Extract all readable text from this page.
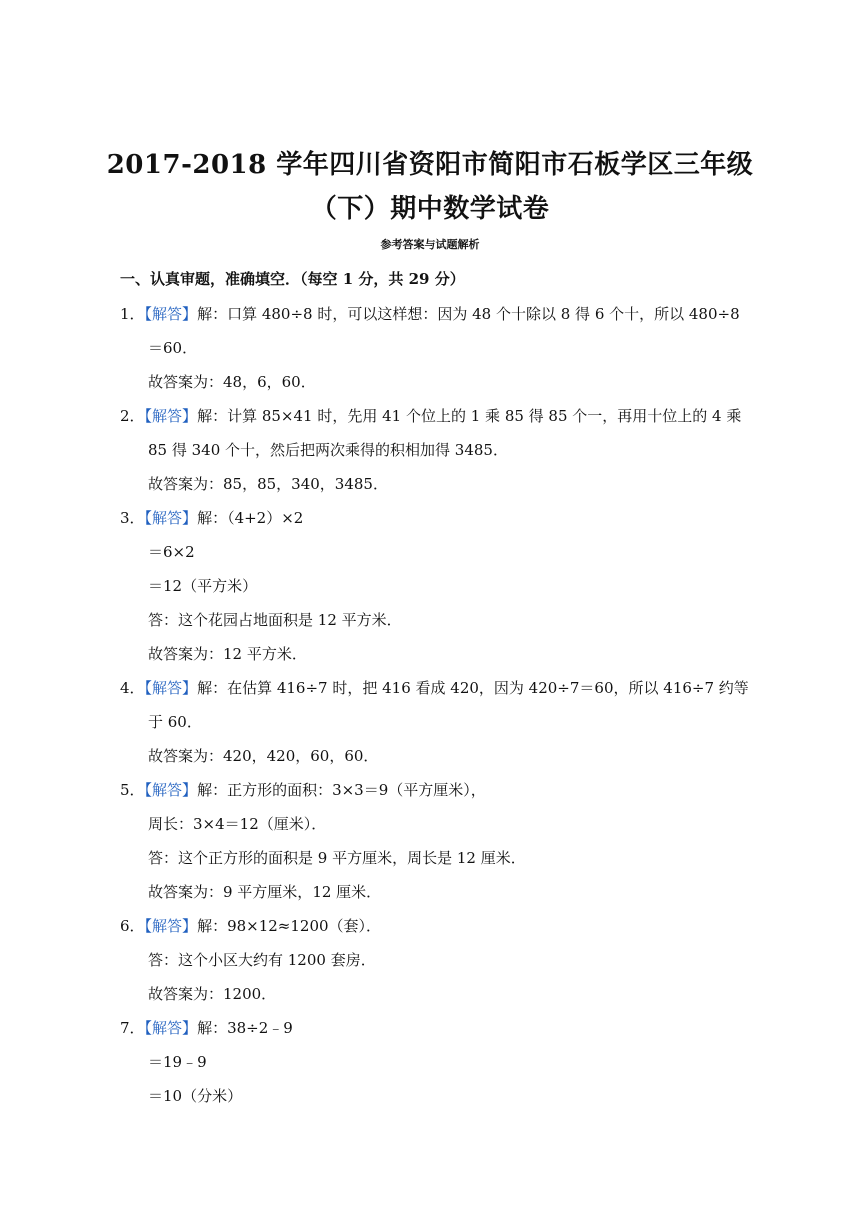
2017-2018 学年四川省资阳市简阳市石板学区三年级
（下）期中数学试卷
参考答案与试题解析
一、认真审题，准确填空．（每空 1 分，共 29 分）
1．【解答】解：口算 480÷8 时，可以这样想：因为 48 个十除以 8 得 6 个十，所以 480÷8
＝60．
故答案为：48，6，60．
2．【解答】解：计算 85×41 时，先用 41 个位上的 1 乘 85 得 85 个一，再用十位上的 4 乘
85 得 340 个十，然后把两次乘得的积相加得 3485．
故答案为：85，85，340，3485．
3．【解答】解：（4+2）×2
＝6×2
＝12（平方米）
答：这个花园占地面积是 12 平方米．
故答案为：12 平方米．
4．【解答】解：在估算 416÷7 时，把 416 看成 420，因为 420÷7＝60，所以 416÷7 约等
于 60．
故答案为：420，420，60，60．
5．【解答】解：正方形的面积：3×3＝9（平方厘米），
周长：3×4＝12（厘米）．
答：这个正方形的面积是 9 平方厘米，周长是 12 厘米．
故答案为：9 平方厘米，12 厘米．
6．【解答】解：98×12≈1200（套）．
答：这个小区大约有 1200 套房．
故答案为：1200．
7．【解答】解：38÷2﹣9
＝19﹣9
＝10（分米）
